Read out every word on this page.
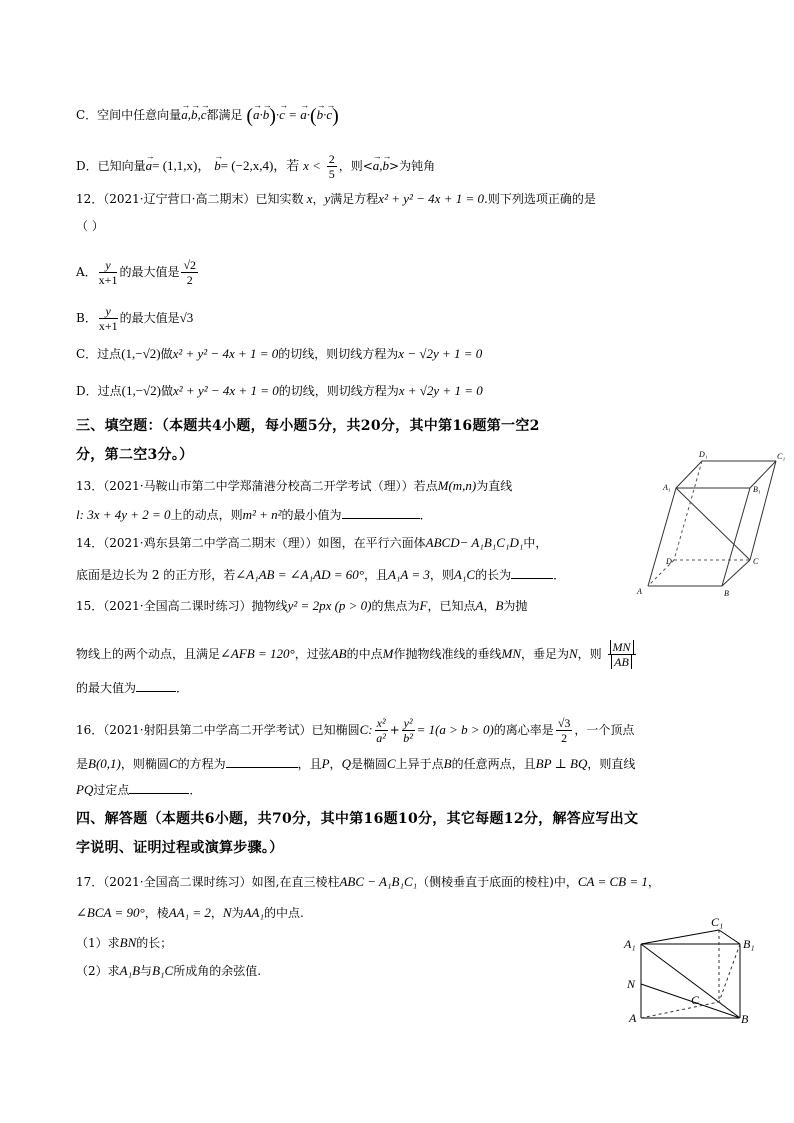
C．空间中任意向量→ a,→ b,→ c都满足 (→ a·→ b)·→ c = → a·(→ b·→ c)
D．已知向量→ a= (1,1,x)， → b= (−2,x,4)，若 $x < \frac{2}{5}$ ，则<→ a,→ b>为钝角
12．（2021·辽宁营口·高二期末）已知实数 x，y满足方程x² + y² − 4x + 1 = 0.则下列选项正确的是
（ ）
A． $\frac{y}{x+1}$ 的最大值是 $\frac{√2}{2}$
B． $\frac{y}{x+1}$ 的最大值是√3
C．过点(1,−√2)做x² + y² − 4x + 1 = 0的切线，则切线方程为x − √2y + 1 = 0
D．过点(1,−√2)做x² + y² − 4x + 1 = 0的切线，则切线方程为x + √2y + 1 = 0
三、填空题：（本题共4小题，每小题5分，共20分，其中第16题第一空2
分，第二空3分。）
13．（2021·马鞍山市第二中学郑蒲港分校高二开学考试（理））若点M(m,n)为直线
l: 3x + 4y + 2 = 0上的动点，则m² + n²的最小值为	．
14．（2021·鸡东县第二中学高二期末（理））如图，在平行六面体ABCD− A₁B₁C₁D₁中，
底面是边长为 2 的正方形，若∠A₁AB = ∠A₁AD = 60°，且A₁A = 3，则A₁C的长为	．
15．（2021·全国高二课时练习）抛物线y² = 2px (p > 0)的焦点为F，已知点A，B为抛
物线上的两个动点，且满足∠AFB = 120°，过弦AB的中点M作抛物线准线的垂线MN，垂足为N，则 $\frac{MN}{AB}$
的最大值为	．
16．（2021·射阳县第二中学高二开学考试）已知椭圆C: $\frac{\text{x²}}{\text{a²}} + \frac{\text{y²}}{\text{b²}} = 1(a > b > 0)$的离心率是 $\frac{√3}{2}$ ，一个顶点
是B(0,1)，则椭圆C的方程为	，且P，Q是椭圆C上异于点B的任意两点，且BP ⊥ BQ，则直线
PQ过定点	．
四、解答题（本题共6小题，共70分，其中第16题10分，其它每题12分，解答应写出文
字说明、证明过程或演算步骤。）
17．（2021·全国高二课时练习）如图,在直三棱柱ABC − A₁B₁C₁（侧棱垂直于底面的棱柱)中，CA = CB = 1，
∠BCA = 90°，棱AA₁ = 2，N为AA₁的中点.
（1）求BN的长；
（2）求A₁B与B₁C所成角的余弦值.
D₁	C₁
A₁	B₁
D	C
A	B
C₁
A₁	B₁
N
C
A	B
